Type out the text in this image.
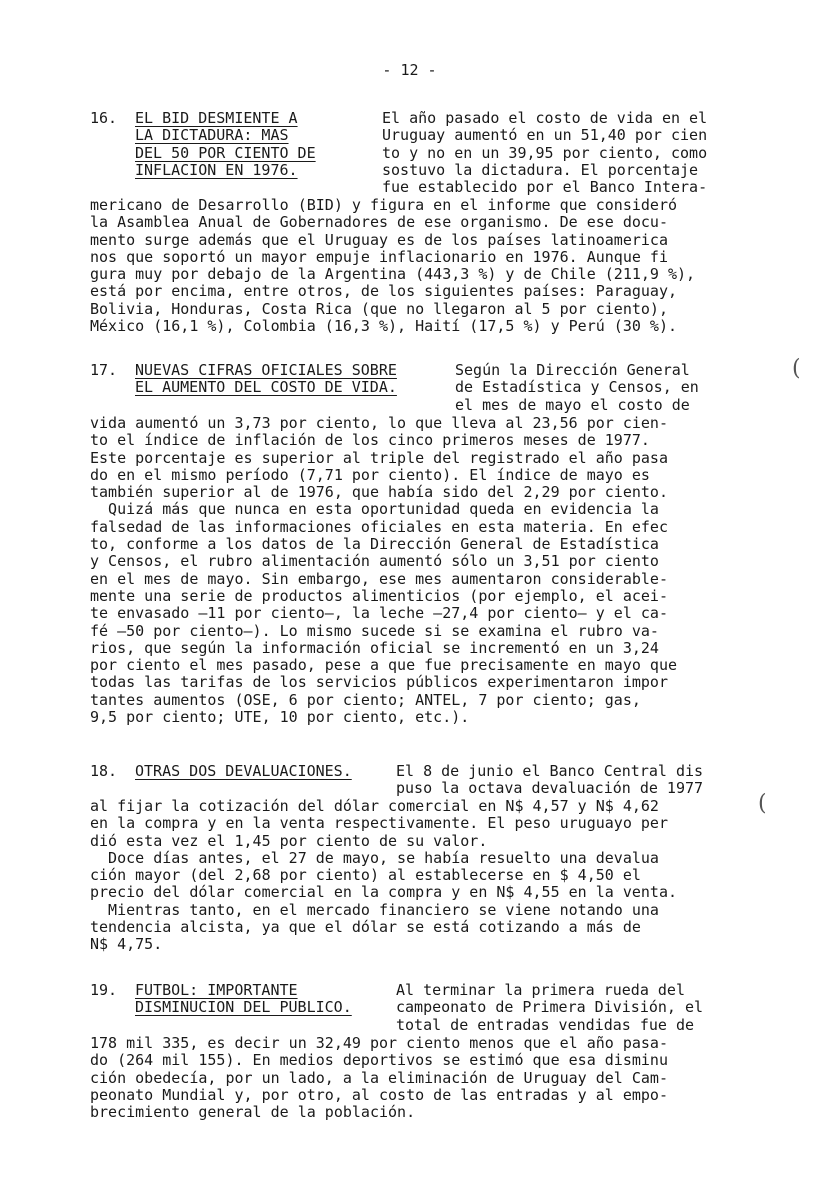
- 12 -
16. EL BID DESMIENTE A
LA DICTADURA: MAS
DEL 50 POR CIENTO DE
INFLACION EN 1976.
El año pasado el costo de vida en el
Uruguay aumentó en un 51,40 por cien
to y no en un 39,95 por ciento, como
sostuvo la dictadura. El porcentaje
fue establecido por el Banco Intera-
mericano de Desarrollo (BID) y figura en el informe que consideró
la Asamblea Anual de Gobernadores de ese organismo. De ese docu-
mento surge además que el Uruguay es de los países latinoamerica
nos que soportó un mayor empuje inflacionario en 1976. Aunque fi
gura muy por debajo de la Argentina (443,3 %) y de Chile (211,9 %),
está por encima, entre otros, de los siguientes países: Paraguay,
Bolivia, Honduras, Costa Rica (que no llegaron al 5 por ciento),
México (16,1 %), Colombia (16,3 %), Haití (17,5 %) y Perú (30 %).
17. NUEVAS CIFRAS OFICIALES SOBRE
EL AUMENTO DEL COSTO DE VIDA.
Según la Dirección General
de Estadística y Censos, en
el mes de mayo el costo de
vida aumentó un 3,73 por ciento, lo que lleva al 23,56 por cien-
to el índice de inflación de los cinco primeros meses de 1977.
Este porcentaje es superior al triple del registrado el año pasa
do en el mismo período (7,71 por ciento). El índice de mayo es
también superior al de 1976, que había sido del 2,29 por ciento.
Quizá más que nunca en esta oportunidad queda en evidencia la
falsedad de las informaciones oficiales en esta materia. En efec
to, conforme a los datos de la Dirección General de Estadística
y Censos, el rubro alimentación aumentó sólo un 3,51 por ciento
en el mes de mayo. Sin embargo, ese mes aumentaron considerable-
mente una serie de productos alimenticios (por ejemplo, el acei-
te envasado —11 por ciento—, la leche —27,4 por ciento— y el ca-
fé —50 por ciento—). Lo mismo sucede si se examina el rubro va-
rios, que según la información oficial se incrementó en un 3,24
por ciento el mes pasado, pese a que fue precisamente en mayo que
todas las tarifas de los servicios públicos experimentaron impor
tantes aumentos (OSE, 6 por ciento; ANTEL, 7 por ciento; gas,
9,5 por ciento; UTE, 10 por ciento, etc.).
18. OTRAS DOS DEVALUACIONES.	El 8 de junio el Banco Central dis
puso la octava devaluación de 1977
al fijar la cotización del dólar comercial en N$ 4,57 y N$ 4,62
en la compra y en la venta respectivamente. El peso uruguayo per
dió esta vez el 1,45 por ciento de su valor.
Doce días antes, el 27 de mayo, se había resuelto una devalua
ción mayor (del 2,68 por ciento) al establecerse en $ 4,50 el
precio del dólar comercial en la compra y en N$ 4,55 en la venta.
Mientras tanto, en el mercado financiero se viene notando una
tendencia alcista, ya que el dólar se está cotizando a más de
N$ 4,75.
19. FUTBOL: IMPORTANTE
DISMINUCION DEL PUBLICO.
Al terminar la primera rueda del
campeonato de Primera División, el
total de entradas vendidas fue de
178 mil 335, es decir un 32,49 por ciento menos que el año pasa-
do (264 mil 155). En medios deportivos se estimó que esa disminu
ción obedecía, por un lado, a la eliminación de Uruguay del Cam-
peonato Mundial y, por otro, al costo de las entradas y al empo-
brecimiento general de la población.
(
(
